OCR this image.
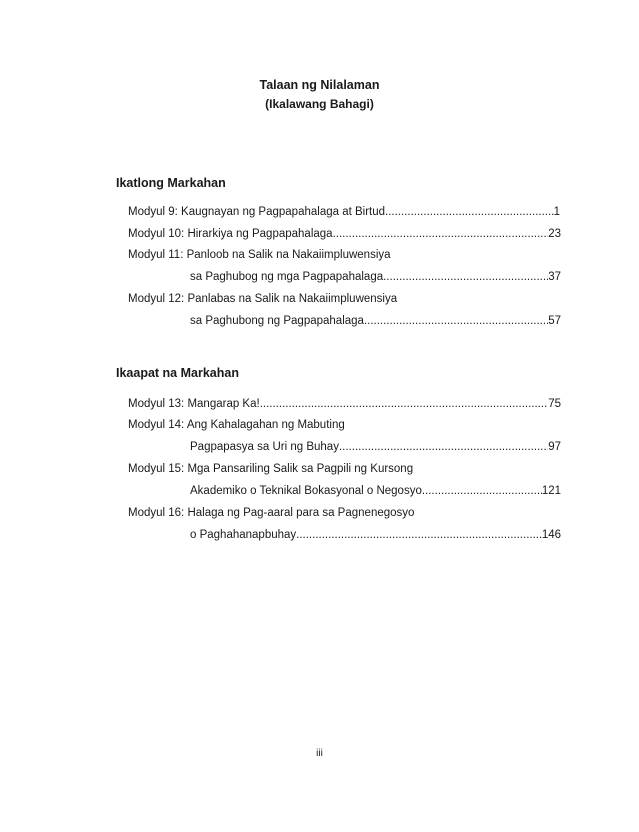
Talaan ng Nilalaman
(Ikalawang Bahagi)
Ikatlong Markahan
Modyul 9: Kaugnayan ng Pagpapahalaga at Birtud .....	1
Modyul 10: Hirarkiya ng Pagpapahalaga .....	23
Modyul 11: Panloob na Salik na Nakaiimpluwensiya
sa Paghubog ng mga Pagpapahalaga .....	37
Modyul 12: Panlabas na Salik na Nakaiimpluwensiya
sa Paghubong ng Pagpapahalaga .....	57
Ikaapat na Markahan
Modyul 13: Mangarap Ka! .....	75
Modyul 14: Ang Kahalagahan ng Mabuting
Pagpapasya sa Uri ng Buhay .....	97
Modyul 15: Mga Pansariling Salik sa Pagpili ng Kursong
Akademiko o Teknikal Bokasyonal o Negosyo .....	121
Modyul 16: Halaga ng Pag-aaral para sa Pagnenegosyo
o Paghahanapbuhay .....	146
iii
